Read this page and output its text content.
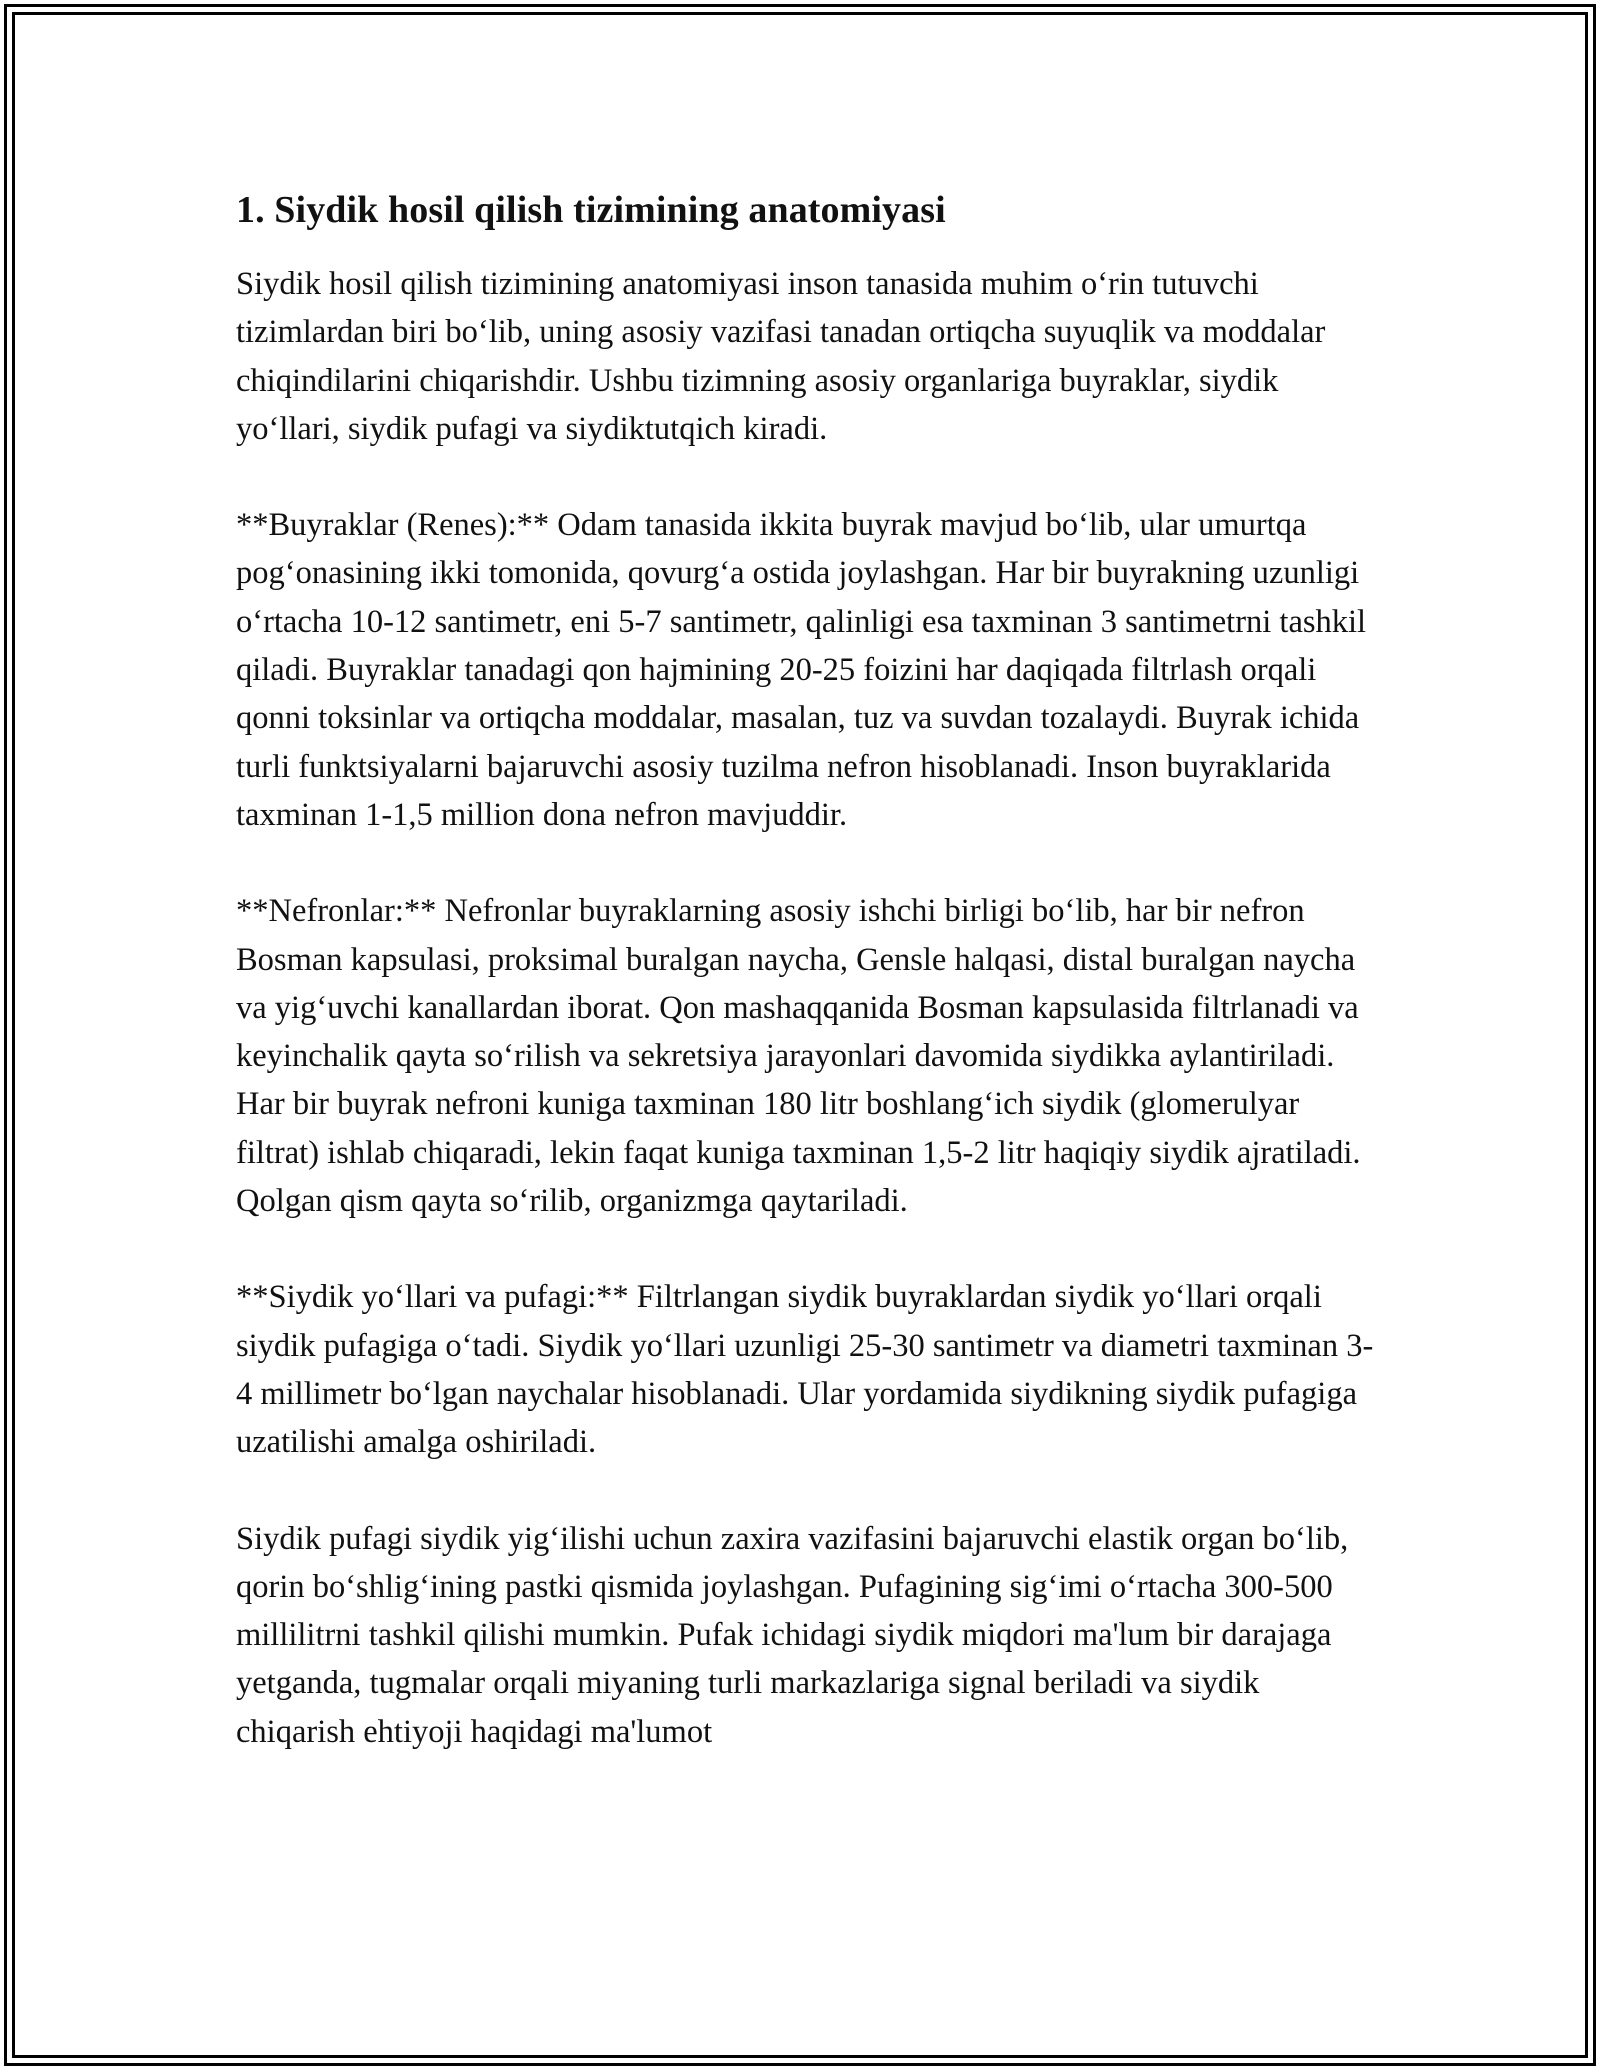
1. Siydik hosil qilish tizimining anatomiyasi

Siydik hosil qilish tizimining anatomiyasi inson tanasida muhim o‘rin tutuvchi tizimlardan biri bo‘lib, uning asosiy vazifasi tanadan ortiqcha suyuqlik va moddalar chiqindilarini chiqarishdir. Ushbu tizimning asosiy organlariga buyraklar, siydik yo‘llari, siydik pufagi va siydiktutqich kiradi.

**Buyraklar (Renes):** Odam tanasida ikkita buyrak mavjud bo‘lib, ular umurtqa pog‘onasining ikki tomonida, qovurg‘a ostida joylashgan. Har bir buyrakning uzunligi o‘rtacha 10-12 santimetr, eni 5-7 santimetr, qalinligi esa taxminan 3 santimetrni tashkil qiladi. Buyraklar tanadagi qon hajmining 20-25 foizini har daqiqada filtrlash orqali qonni toksinlar va ortiqcha moddalar, masalan, tuz va suvdan tozalaydi. Buyrak ichida turli funktsiyalarni bajaruvchi asosiy tuzilma nefron hisoblanadi. Inson buyraklarida taxminan 1-1,5 million dona nefron mavjuddir.

**Nefronlar:** Nefronlar buyraklarning asosiy ishchi birligi bo‘lib, har bir nefron Bosman kapsulasi, proksimal buralgan naycha, Gensle halqasi, distal buralgan naycha va yig‘uvchi kanallardan iborat. Qon mashaqqanida Bosman kapsulasida filtrlanadi va keyinchalik qayta so‘rilish va sekretsiya jarayonlari davomida siydikka aylantiriladi. Har bir buyrak nefroni kuniga taxminan 180 litr boshlang‘ich siydik (glomerulyar filtrat) ishlab chiqaradi, lekin faqat kuniga taxminan 1,5-2 litr haqiqiy siydik ajratiladi. Qolgan qism qayta so‘rilib, organizmga qaytariladi.

**Siydik yo‘llari va pufagi:** Filtrlangan siydik buyraklardan siydik yo‘llari orqali siydik pufagiga o‘tadi. Siydik yo‘llari uzunligi 25-30 santimetr va diametri taxminan 3-4 millimetr bo‘lgan naychalar hisoblanadi. Ular yordamida siydikning siydik pufagiga uzatilishi amalga oshiriladi.

Siydik pufagi siydik yig‘ilishi uchun zaxira vazifasini bajaruvchi elastik organ bo‘lib, qorin bo‘shlig‘ining pastki qismida joylashgan. Pufagining sig‘imi o‘rtacha 300-500 millilitrni tashkil qilishi mumkin. Pufak ichidagi siydik miqdori ma'lum bir darajaga yetganda, tugmalar orqali miyaning turli markazlariga signal beriladi va siydik chiqarish ehtiyoji haqidagi ma'lumot
